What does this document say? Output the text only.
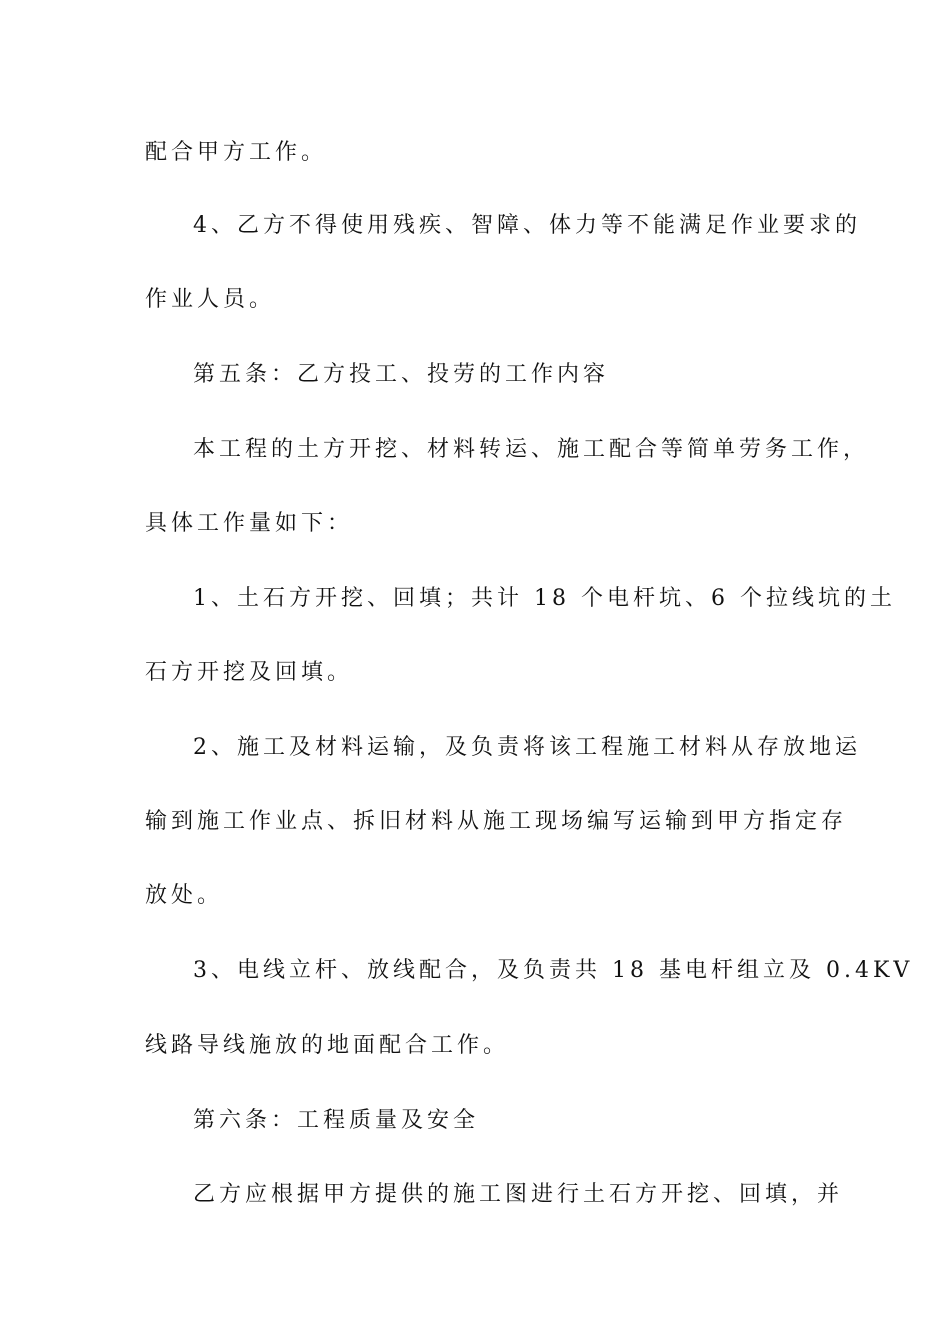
配合甲方工作。
4、乙方不得使用残疾、智障、体力等不能满足作业要求的
作业人员。
第五条：乙方投工、投劳的工作内容
本工程的土方开挖、材料转运、施工配合等简单劳务工作，
具体工作量如下：
1、土石方开挖、回填；共计 18 个电杆坑、6 个拉线坑的土
石方开挖及回填。
2、施工及材料运输，及负责将该工程施工材料从存放地运
输到施工作业点、拆旧材料从施工现场编写运输到甲方指定存
放处。
3、电线立杆、放线配合，及负责共 18 基电杆组立及 0.4KV
线路导线施放的地面配合工作。
第六条：工程质量及安全
乙方应根据甲方提供的施工图进行土石方开挖、回填，并
